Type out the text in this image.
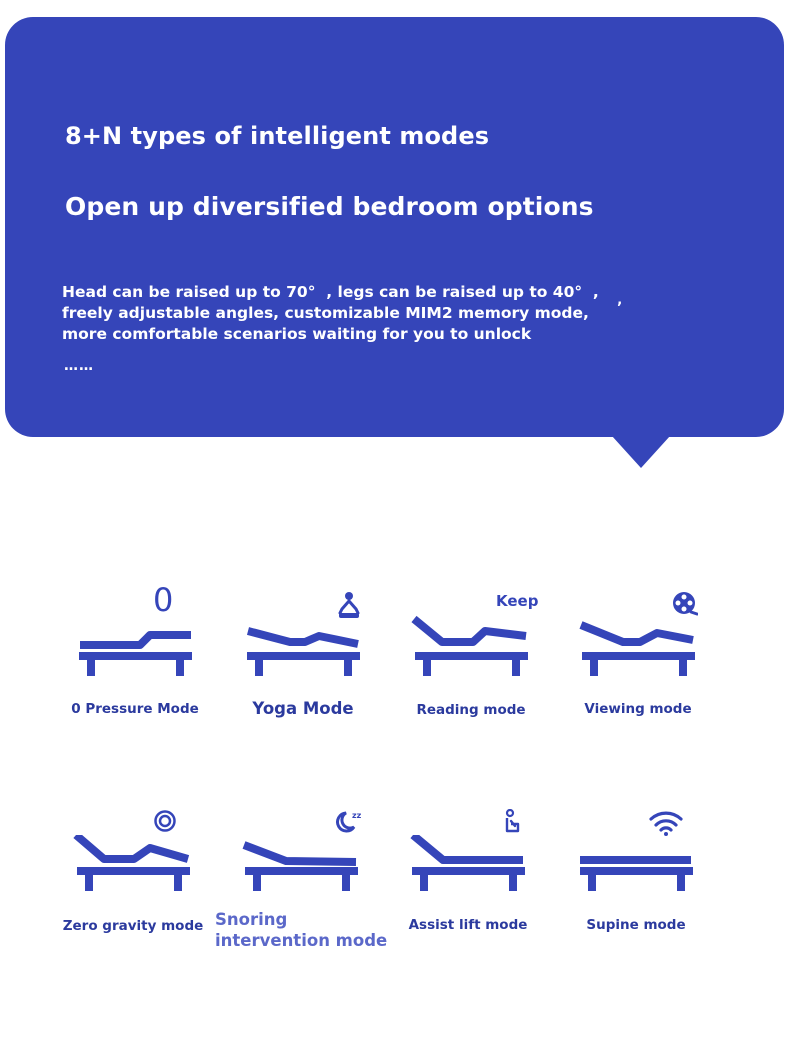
8+N types of intelligent modes
Open up diversified bedroom options

Head can be raised up to 70°  , legs can be raised up to 40°  ,
freely adjustable angles, customizable MIM2 memory mode,
more comfortable scenarios waiting for you to unlock

’
……
0
0 Pressure Mode	Yoga Mode
Keep
Reading mode	Viewing mode
Zero gravity mode
zz
Snoring intervention mode
Assist lift mode	Supine mode
